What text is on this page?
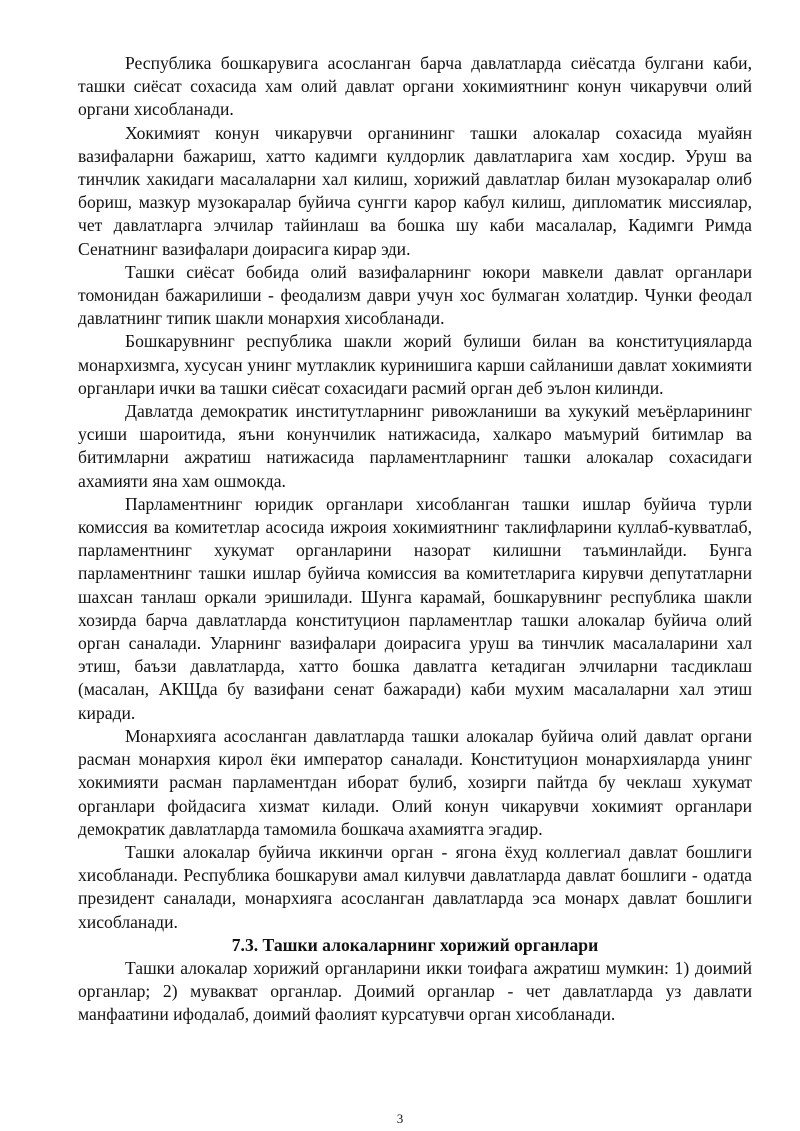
Республика бошкарувига асосланган барча давлатларда сиёсатда булгани каби, ташки сиёсат сохасида хам олий давлат органи хокимиятнинг конун чикарувчи олий органи хисобланади.

Хокимият конун чикарувчи органининг ташки алокалар сохасида муайян вазифаларни бажариш, хатто кадимги кулдорлик давлатларига хам хосдир. Уруш ва тинчлик хакидаги масалаларни хал килиш, хорижий давлатлар билан музокаралар олиб бориш, мазкур музокаралар буйича сунгги карор кабул килиш, дипломатик миссиялар, чет давлатларга элчилар тайинлаш ва бошка шу каби масалалар, Кадимги Римда Сенатнинг вазифалари доирасига кирар эди.

Ташки сиёсат бобида олий вазифаларнинг юкори мавкели давлат органлари томонидан бажарилиши - феодализм даври учун хос булмаган холатдир. Чунки феодал давлатнинг типик шакли монархия хисобланади.

Бошкарувнинг республика шакли жорий булиши билан ва конституцияларда монархизмга, хусусан унинг мутлаклик куринишига карши сайланиши давлат хокимияти органлари ички ва ташки сиёсат сохасидаги расмий орган деб эълон килинди.

Давлатда демократик институтларнинг ривожланиши ва хукукий меъёрларининг усиши шароитида, яъни конунчилик натижасида, халкаро маъмурий битимлар ва битимларни ажратиш натижасида парламентларнинг ташки алокалар сохасидаги ахамияти яна хам ошмокда.

Парламентнинг юридик органлари хисобланган ташки ишлар буйича турли комиссия ва комитетлар асосида ижроия хокимиятнинг таклифларини куллаб-кувватлаб, парламентнинг хукумат органларини назорат килишни таъминлайди. Бунга парламентнинг ташки ишлар буйича комиссия ва комитетларига кирувчи депутатларни шахсан танлаш оркали эришилади. Шунга карамай, бошкарувнинг республика шакли хозирда барча давлатларда конституцион парламентлар ташки алокалар буйича олий орган саналади. Уларнинг вазифалари доирасига уруш ва тинчлик масалаларини хал этиш, баъзи давлатларда, хатто бошка давлатга кетадиган элчиларни тасдиклаш (масалан, АКЩда бу вазифани сенат бажаради) каби мухим масалаларни хал этиш киради.

Монархияга асосланган давлатларда ташки алокалар буйича олий давлат органи расман монархия кирол ёки император саналади. Конституцион монархияларда унинг хокимияти расман парламентдан иборат булиб, хозирги пайтда бу чеклаш хукумат органлари фойдасига хизмат килади. Олий конун чикарувчи хокимият органлари демократик давлатларда тамомила бошкача ахамиятга эгадир.

Ташки алокалар буйича иккинчи орган - ягона ёхуд коллегиал давлат бошлиги хисобланади. Республика бошкаруви амал килувчи давлатларда давлат бошлиги - одатда президент саналади, монархияга асосланган давлатларда эса монарх давлат бошлиги хисобланади.

7.3. Ташки алокаларнинг хорижий органлари

Ташки алокалар хорижий органларини икки тоифага ажратиш мумкин: 1) доимий органлар; 2) мувакват органлар. Доимий органлар - чет давлатларда уз давлати манфаатини ифодалаб, доимий фаолият курсатувчи орган хисобланади.

3
